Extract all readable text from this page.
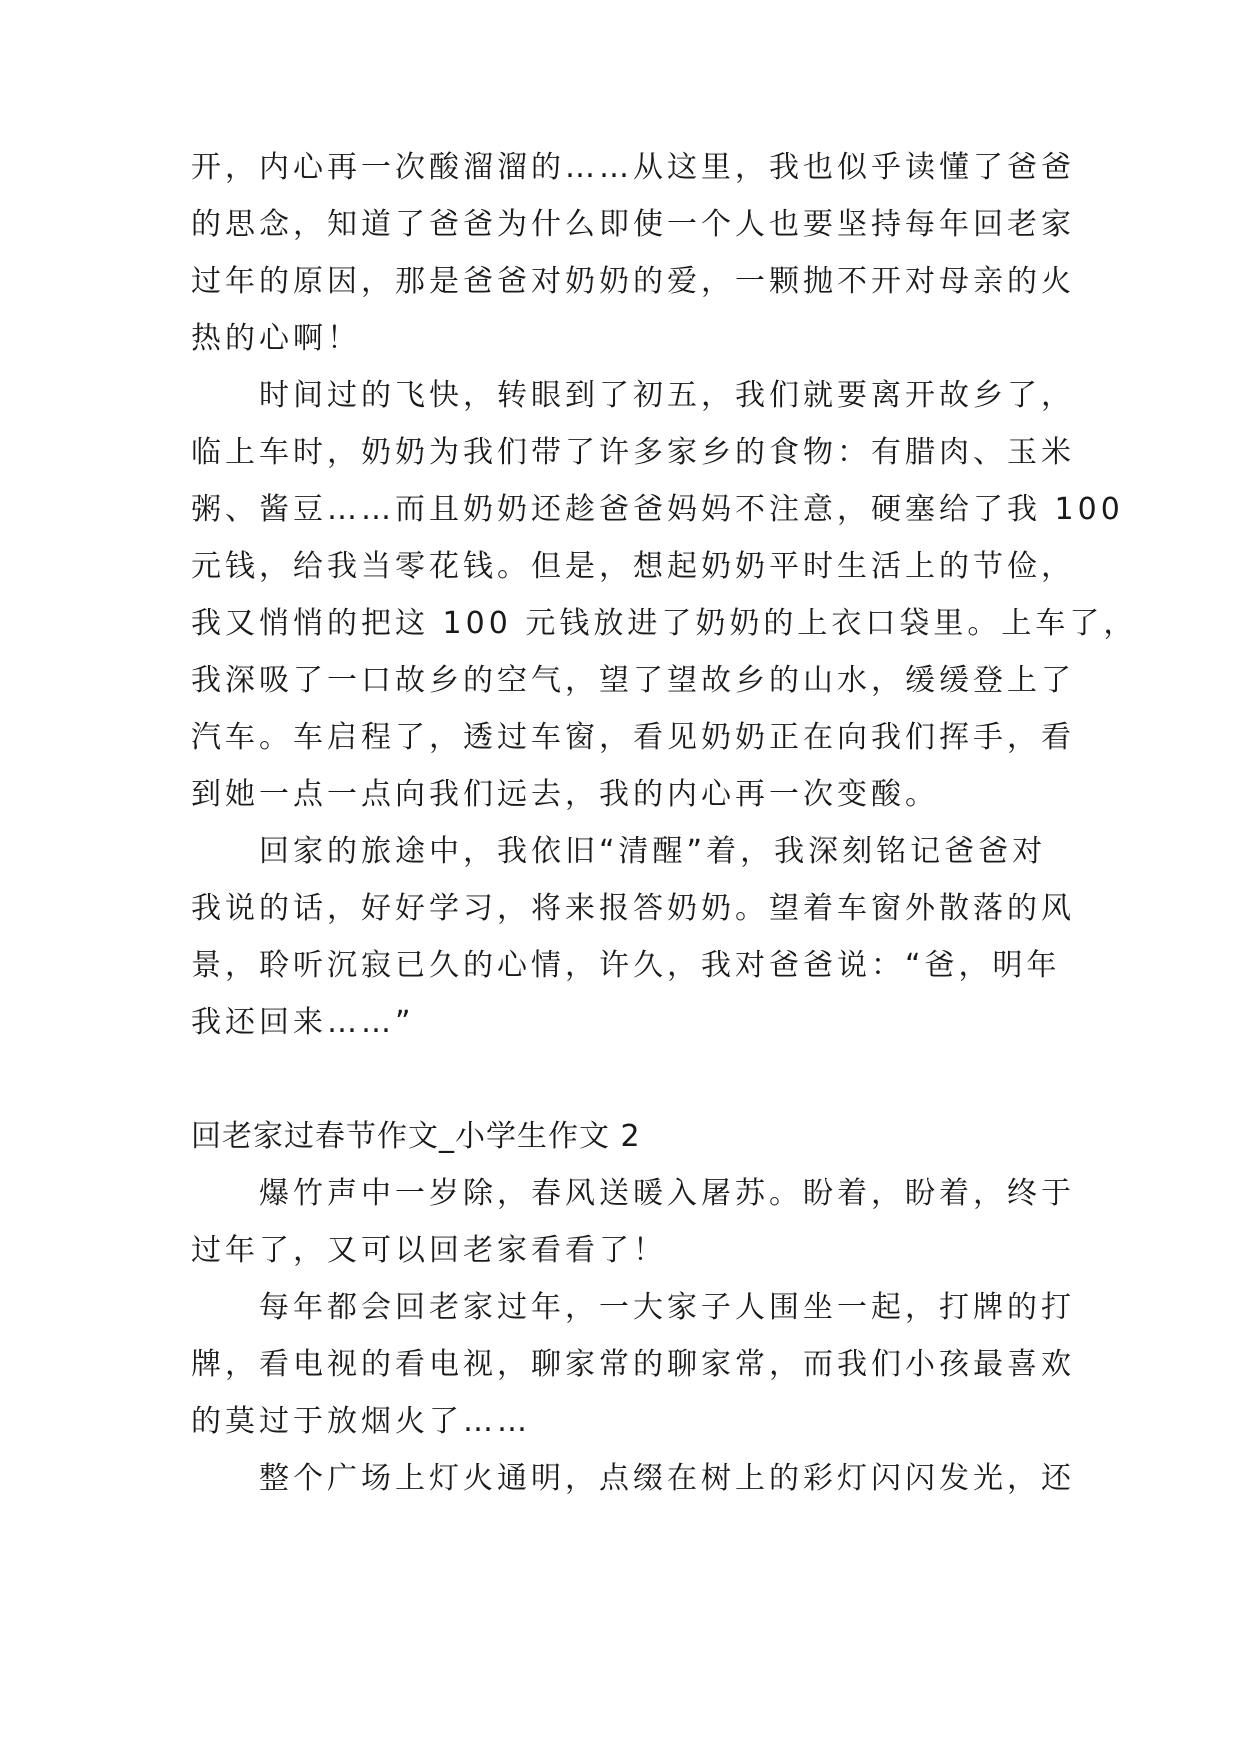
开，内心再一次酸溜溜的……从这里，我也似乎读懂了爸爸
的思念，知道了爸爸为什么即使一个人也要坚持每年回老家
过年的原因，那是爸爸对奶奶的爱，一颗抛不开对母亲的火
热的心啊！
时间过的飞快，转眼到了初五，我们就要离开故乡了，
临上车时，奶奶为我们带了许多家乡的食物：有腊肉、玉米
粥、酱豆……而且奶奶还趁爸爸妈妈不注意，硬塞给了我 100
元钱，给我当零花钱。但是，想起奶奶平时生活上的节俭，
我又悄悄的把这 100 元钱放进了奶奶的上衣口袋里。上车了，
我深吸了一口故乡的空气，望了望故乡的山水，缓缓登上了
汽车。车启程了，透过车窗，看见奶奶正在向我们挥手，看
到她一点一点向我们远去，我的内心再一次变酸。
回家的旅途中，我依旧“清醒”着，我深刻铭记爸爸对
我说的话，好好学习，将来报答奶奶。望着车窗外散落的风
景，聆听沉寂已久的心情，许久，我对爸爸说：“爸，明年
我还回来……”
回老家过春节作文_小学生作文 2
爆竹声中一岁除，春风送暖入屠苏。盼着，盼着，终于
过年了，又可以回老家看看了！
每年都会回老家过年，一大家子人围坐一起，打牌的打
牌，看电视的看电视，聊家常的聊家常，而我们小孩最喜欢
的莫过于放烟火了……
整个广场上灯火通明，点缀在树上的彩灯闪闪发光，还
